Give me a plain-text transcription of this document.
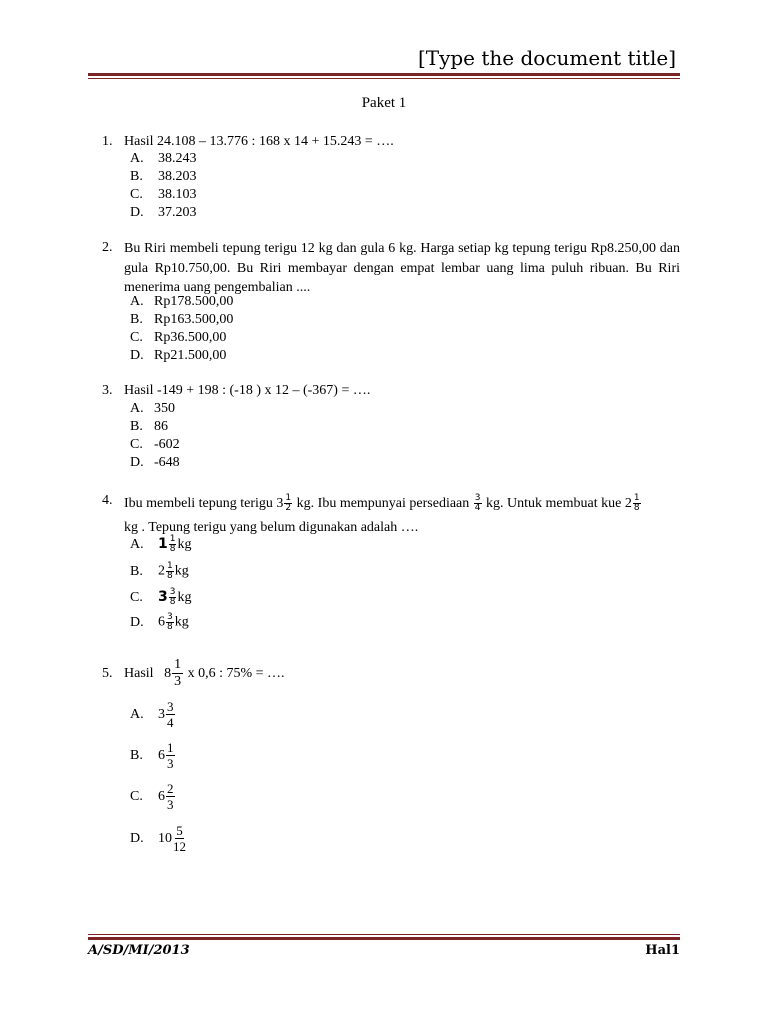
[Type the document title]
Paket 1
1. Hasil 24.108 – 13.776 : 168 x 14 + 15.243 = ….
A. 38.243
B. 38.203
C. 38.103
D. 37.203
2. Bu Riri membeli tepung terigu 12 kg dan gula 6 kg. Harga setiap kg tepung terigu Rp8.250,00 dan gula Rp10.750,00. Bu Riri membayar dengan empat lembar uang lima puluh ribuan. Bu Riri menerima uang pengembalian ....
A. Rp178.500,00
B. Rp163.500,00
C. Rp36.500,00
D. Rp21.500,00
3. Hasil -149 + 198 : (-18 ) x 12 – (-367) = ….
A. 350
B. 86
C. -602
D. -648
4. Ibu membeli tepung terigu $3 \frac{1}{2}$ kg. Ibu mempunyai persediaan $\frac{3}{4}$ kg. Untuk membuat kue $2 \frac{1}{8}$

kg . Tepung terigu yang belum digunakan adalah ….
A. $1 \frac{1}{8}$ kg
B. $2 \frac{1}{8}$ kg
C. $3 \frac{3}{8}$ kg
D. $6 \frac{3}{8}$ kg
5. Hasil $8 \frac{1}{3}$ x 0,6 : 75% = ….
A. $3 \frac{3}{4}$
B. $6 \frac{1}{3}$
C. $6 \frac{2}{3}$
D. $10 \frac{5}{12}$
A/SD/MI/2013	Hal1
